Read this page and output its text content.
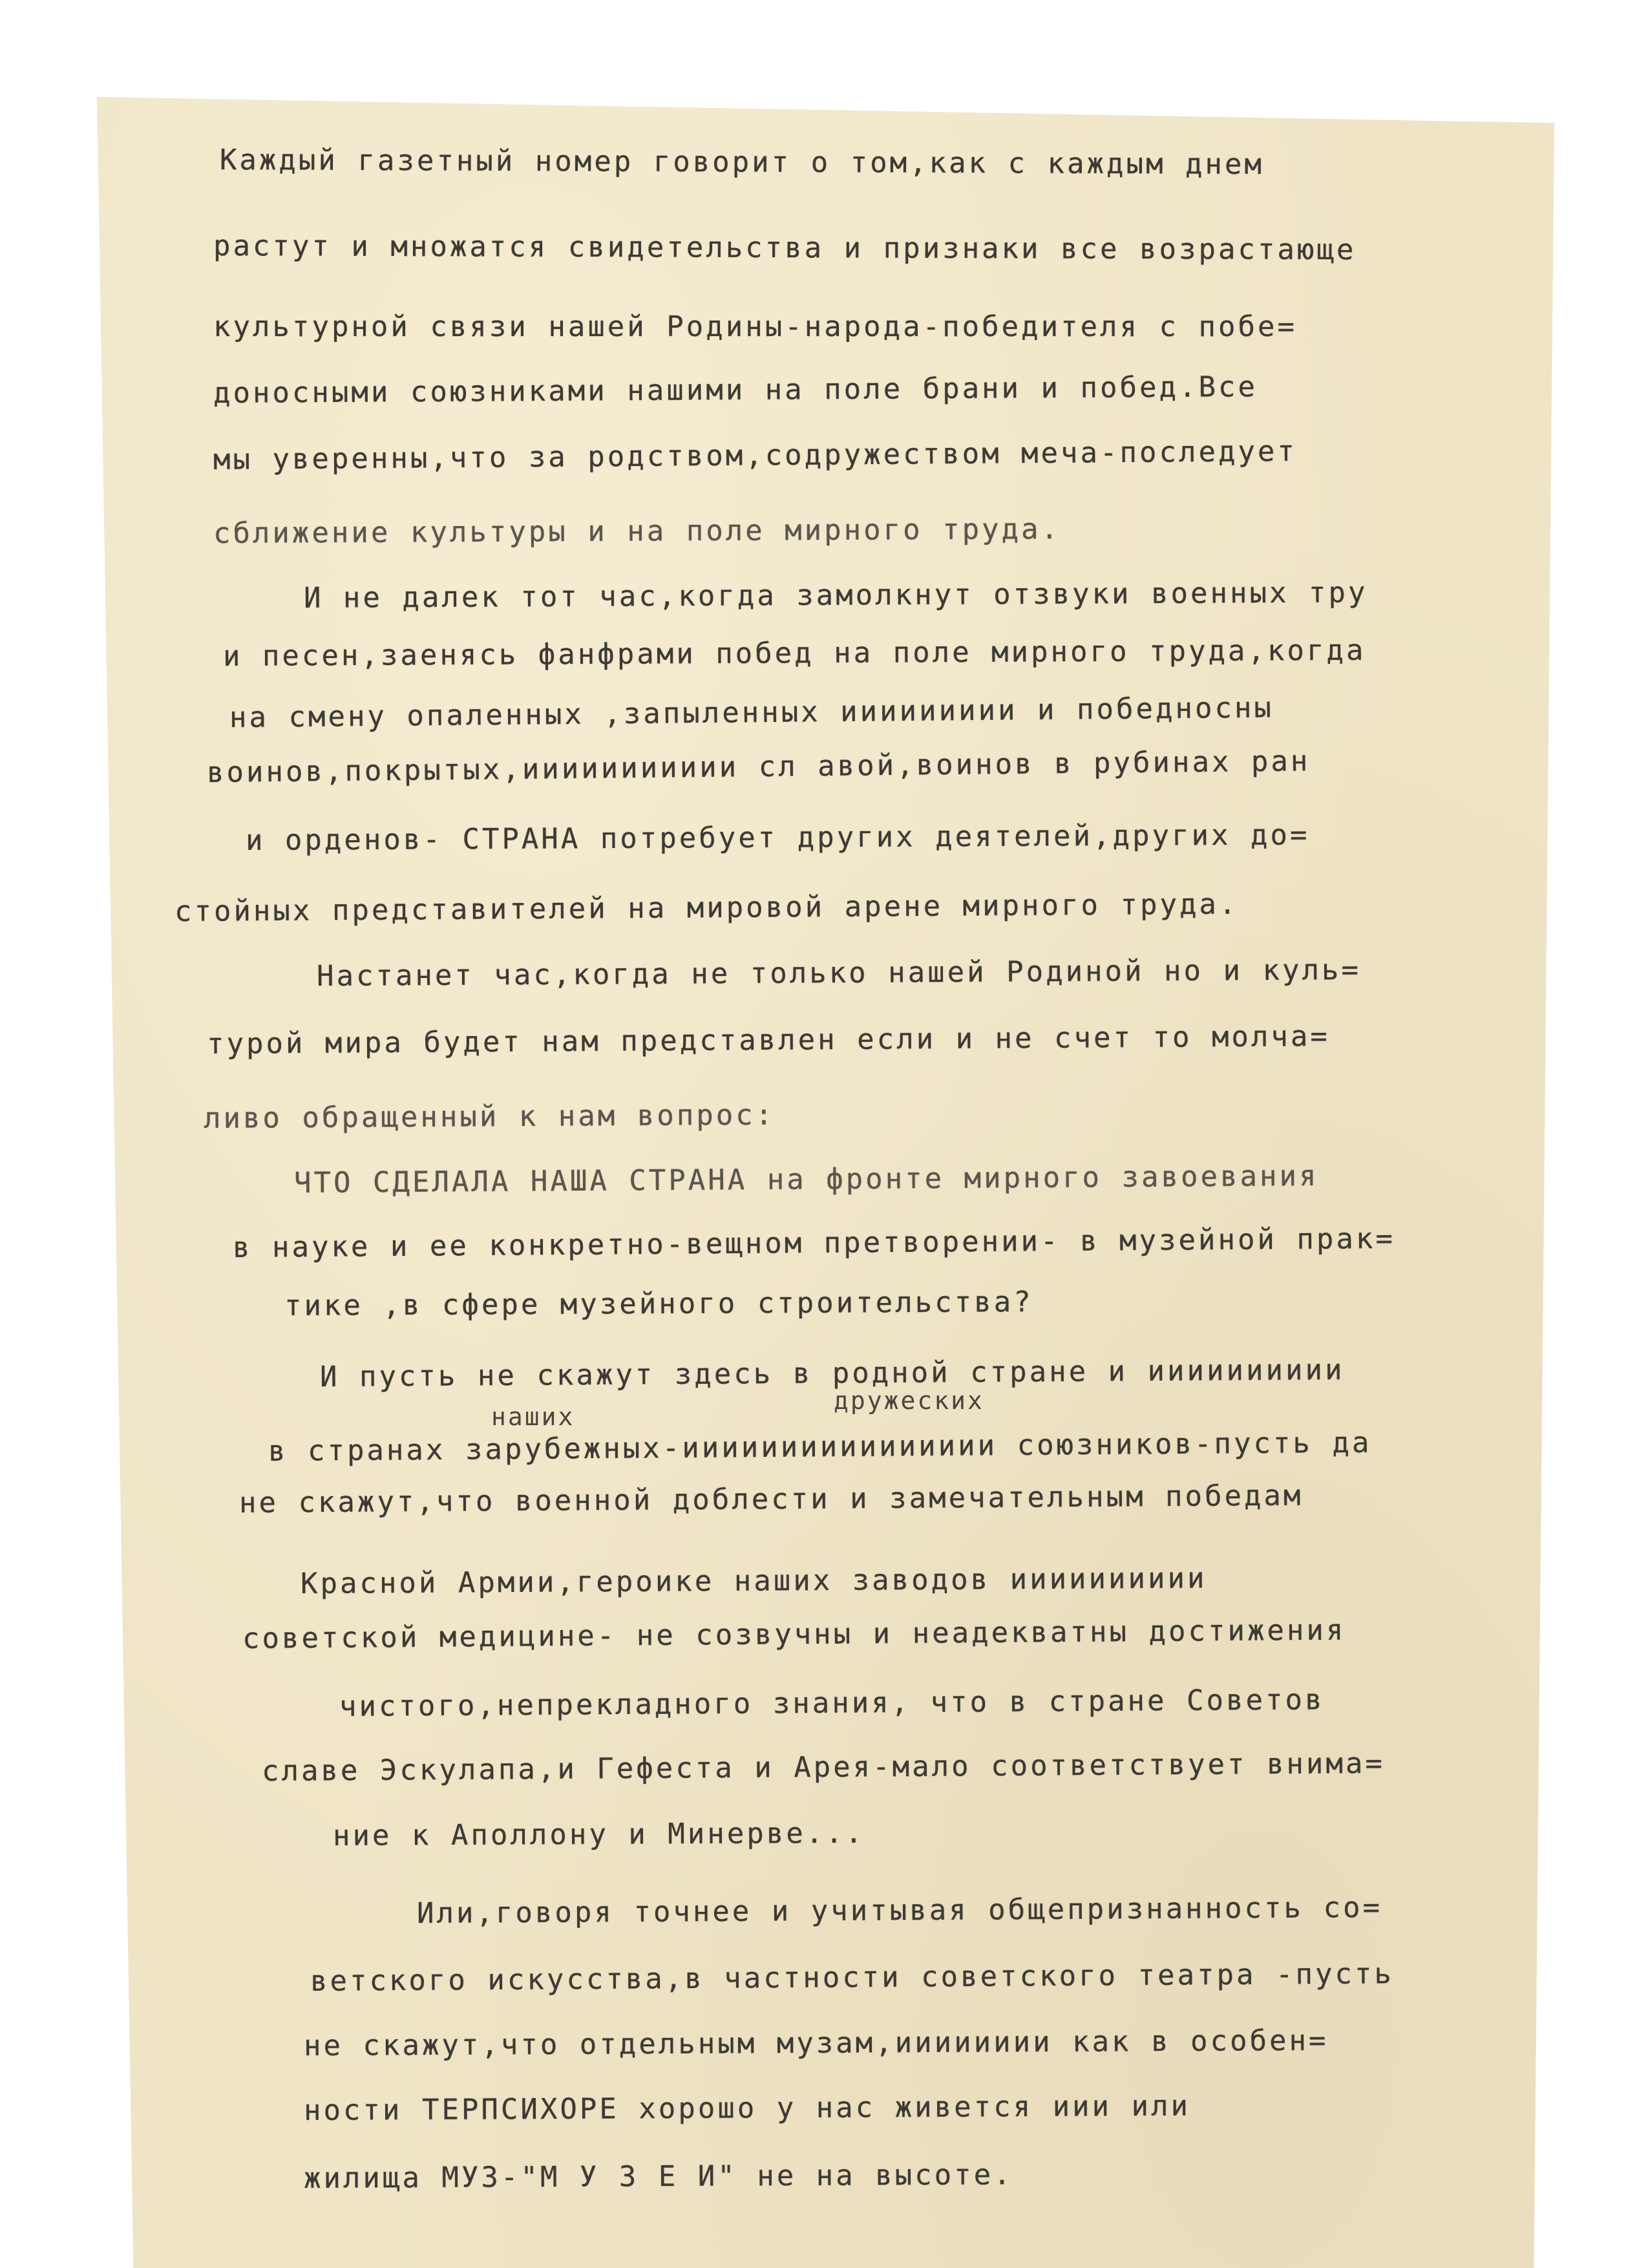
Каждый газетный номер говорит о том,как с каждым днем
растут и множатся свидетельства и признаки все возрастающе
культурной связи нашей Родины-народа-победителя с побе=
доносными союзниками нашими на поле брани и побед.Все
мы уверенны,что за родством,содружеством меча-последует
сближение культуры и на поле мирного труда.
И не далек тот час,когда замолкнут отзвуки военных тру
и песен,заенясь фанфрами побед на поле мирного труда,когда
на смену опаленных ,запыленных иииииииии и победносны
воинов,покрытых,иииииииииии сл авой,воинов в рубинах ран
и орденов- СТРАНА потребует других деятелей,других до=
стойных представителей на мировой арене мирного труда.
Настанет час,когда не только нашей Родиной но и куль=
турой мира будет нам представлен если и не счет то молча=
ливо обращенный к нам вопрос:
ЧТО СДЕЛАЛА НАША СТРАНА на фронте мирного завоевания
в науке и ее конкретно-вещном претворении- в музейной прак=
тике ,в сфере музейного строительства?
И пусть не скажут здесь в родной стране и ииииииииии
наших
дружеских
в странах зарубежных-ииииииииииииииии союзников-пусть да
не скажут,что военной доблести и замечательным победам
Красной Армии,героике наших заводов ииииииииии
советской медицине- не созвучны и неадекватны достижения
чистого,непрекладного знания, что в стране Советов
славе Эскулапа,и Гефеста и Арея-мало соответствует внима=
ние к Аполлону и Минерве...
Или,говоря точнее и учитывая общепризнанность со=
ветского искусства,в частности советского театра -пусть
не скажут,что отдельным музам,ииииииии как в особен=
ности ТЕРПСИХОРЕ хорошо у нас живется иии или
жилища МУЗ-"М У З Е И" не на высоте.
